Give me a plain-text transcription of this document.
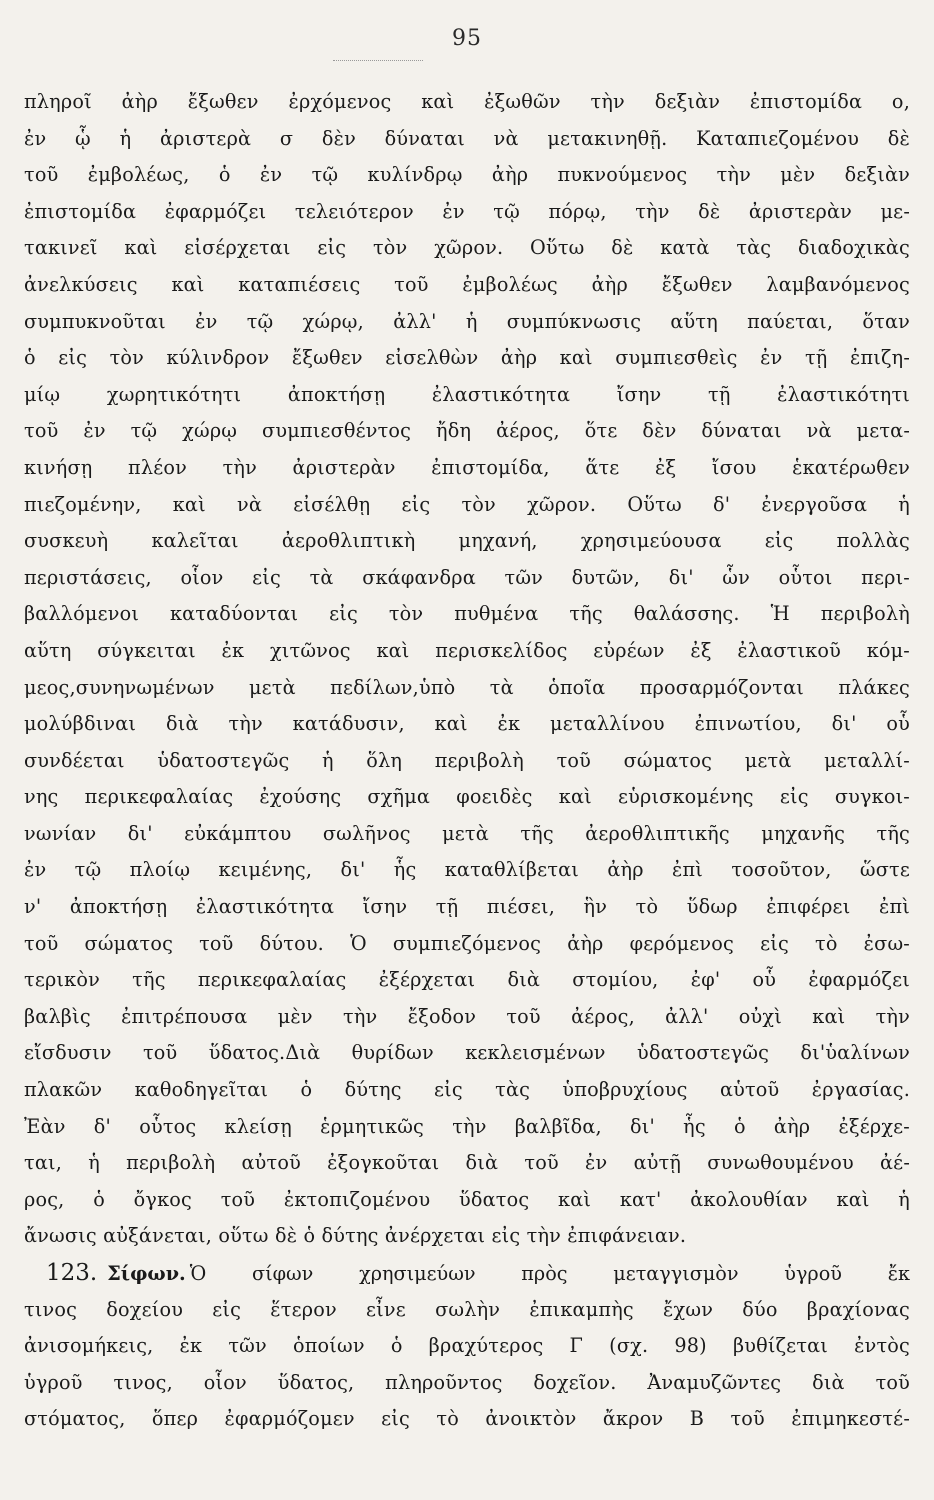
95
πληροῖ ἀὴρ ἔξωθεν ἐρχόμενος καὶ ἐξωθῶν τὴν δεξιὰν ἐπιστομίδα ο,
ἐν ᾧ ἡ ἀριστερὰ σ δὲν δύναται νὰ μετακινηθῇ. Καταπιεζομένου δὲ
τοῦ ἐμβολέως, ὁ ἐν τῷ κυλίνδρῳ ἀὴρ πυκνούμενος τὴν μὲν δεξιὰν
ἐπιστομίδα ἐφαρμόζει τελειότερον ἐν τῷ πόρῳ, τὴν δὲ ἀριστερὰν με-
τακινεῖ καὶ εἰσέρχεται εἰς τὸν χῶρον. Οὕτω δὲ κατὰ τὰς διαδοχικὰς
ἀνελκύσεις καὶ καταπιέσεις τοῦ ἐμβολέως ἀὴρ ἔξωθεν λαμβανόμενος
συμπυκνοῦται ἐν τῷ χώρῳ, ἀλλ' ἡ συμπύκνωσις αὕτη παύεται, ὅταν
ὁ εἰς τὸν κύλινδρον ἔξωθεν εἰσελθὼν ἀὴρ καὶ συμπιεσθεὶς ἐν τῇ ἐπιζη-
μίῳ χωρητικότητι ἀποκτήσῃ ἐλαστικότητα ἴσην τῇ ἐλαστικότητι
τοῦ ἐν τῷ χώρῳ συμπιεσθέντος ἤδη ἀέρος, ὅτε δὲν δύναται νὰ μετα-
κινήσῃ πλέον τὴν ἀριστερὰν ἐπιστομίδα, ἅτε ἐξ ἴσου ἑκατέρωθεν
πιεζομένην, καὶ νὰ εἰσέλθῃ εἰς τὸν χῶρον. Οὕτω δ' ἐνεργοῦσα ἡ
συσκευὴ καλεῖται ἀεροθλιπτικὴ μηχανή, χρησιμεύουσα εἰς πολλὰς
περιστάσεις, οἷον εἰς τὰ σκάφανδρα τῶν δυτῶν, δι' ὧν οὗτοι περι-
βαλλόμενοι καταδύονται εἰς τὸν πυθμένα τῆς θαλάσσης. Ἡ περιβολὴ
αὕτη σύγκειται ἐκ χιτῶνος καὶ περισκελίδος εὐρέων ἐξ ἐλαστικοῦ κόμ-
μεος,συνηνωμένων μετὰ πεδίλων,ὑπὸ τὰ ὁποῖα προσαρμόζονται πλάκες
μολύβδιναι διὰ τὴν κατάδυσιν, καὶ ἐκ μεταλλίνου ἐπινωτίου, δι' οὗ
συνδέεται ὑδατοστεγῶς ἡ ὅλη περιβολὴ τοῦ σώματος μετὰ μεταλλί-
νης περικεφαλαίας ἐχούσης σχῆμα φοειδὲς καὶ εὑρισκομένης εἰς συγκοι-
νωνίαν δι' εὐκάμπτου σωλῆνος μετὰ τῆς ἀεροθλιπτικῆς μηχανῆς τῆς
ἐν τῷ πλοίῳ κειμένης, δι' ἧς καταθλίβεται ἀὴρ ἐπὶ τοσοῦτον, ὥστε
ν' ἀποκτήσῃ ἐλαστικότητα ἴσην τῇ πιέσει, ἣν τὸ ὕδωρ ἐπιφέρει ἐπὶ
τοῦ σώματος τοῦ δύτου. Ὁ συμπιεζόμενος ἀὴρ φερόμενος εἰς τὸ ἐσω-
τερικὸν τῆς περικεφαλαίας ἐξέρχεται διὰ στομίου, ἐφ' οὗ ἐφαρμόζει
βαλβὶς ἐπιτρέπουσα μὲν τὴν ἔξοδον τοῦ ἀέρος, ἀλλ' οὐχὶ καὶ τὴν
εἴσδυσιν τοῦ ὕδατος.Διὰ θυρίδων κεκλεισμένων ὑδατοστεγῶς δι'ὑαλίνων
πλακῶν καθοδηγεῖται ὁ δύτης εἰς τὰς ὑποβρυχίους αὑτοῦ ἐργασίας.
Ἐὰν δ' οὗτος κλείσῃ ἑρμητικῶς τὴν βαλβῖδα, δι' ἧς ὁ ἀὴρ ἐξέρχε-
ται, ἡ περιβολὴ αὐτοῦ ἐξογκοῦται διὰ τοῦ ἐν αὐτῇ συνωθουμένου ἀέ-
ρος, ὁ ὄγκος τοῦ ἐκτοπιζομένου ὕδατος καὶ κατ' ἀκολουθίαν καὶ ἡ
ἄνωσις αὐξάνεται, οὕτω δὲ ὁ δύτης ἀνέρχεται εἰς τὴν ἐπιφάνειαν.
123. Σίφων. Ὁ σίφων χρησιμεύων πρὸς μεταγγισμὸν ὑγροῦ ἔκ
τινος δοχείου εἰς ἕτερον εἶνε σωλὴν ἐπικαμπὴς ἔχων δύο βραχίονας
ἀνισομήκεις, ἐκ τῶν ὁποίων ὁ βραχύτερος Γ (σχ. 98) βυθίζεται ἐντὸς
ὑγροῦ τινος, οἷον ὕδατος, πληροῦντος δοχεῖον. Ἀναμυζῶντες διὰ τοῦ
στόματος, ὅπερ ἐφαρμόζομεν εἰς τὸ ἀνοικτὸν ἄκρον Β τοῦ ἐπιμηκεστέ-
